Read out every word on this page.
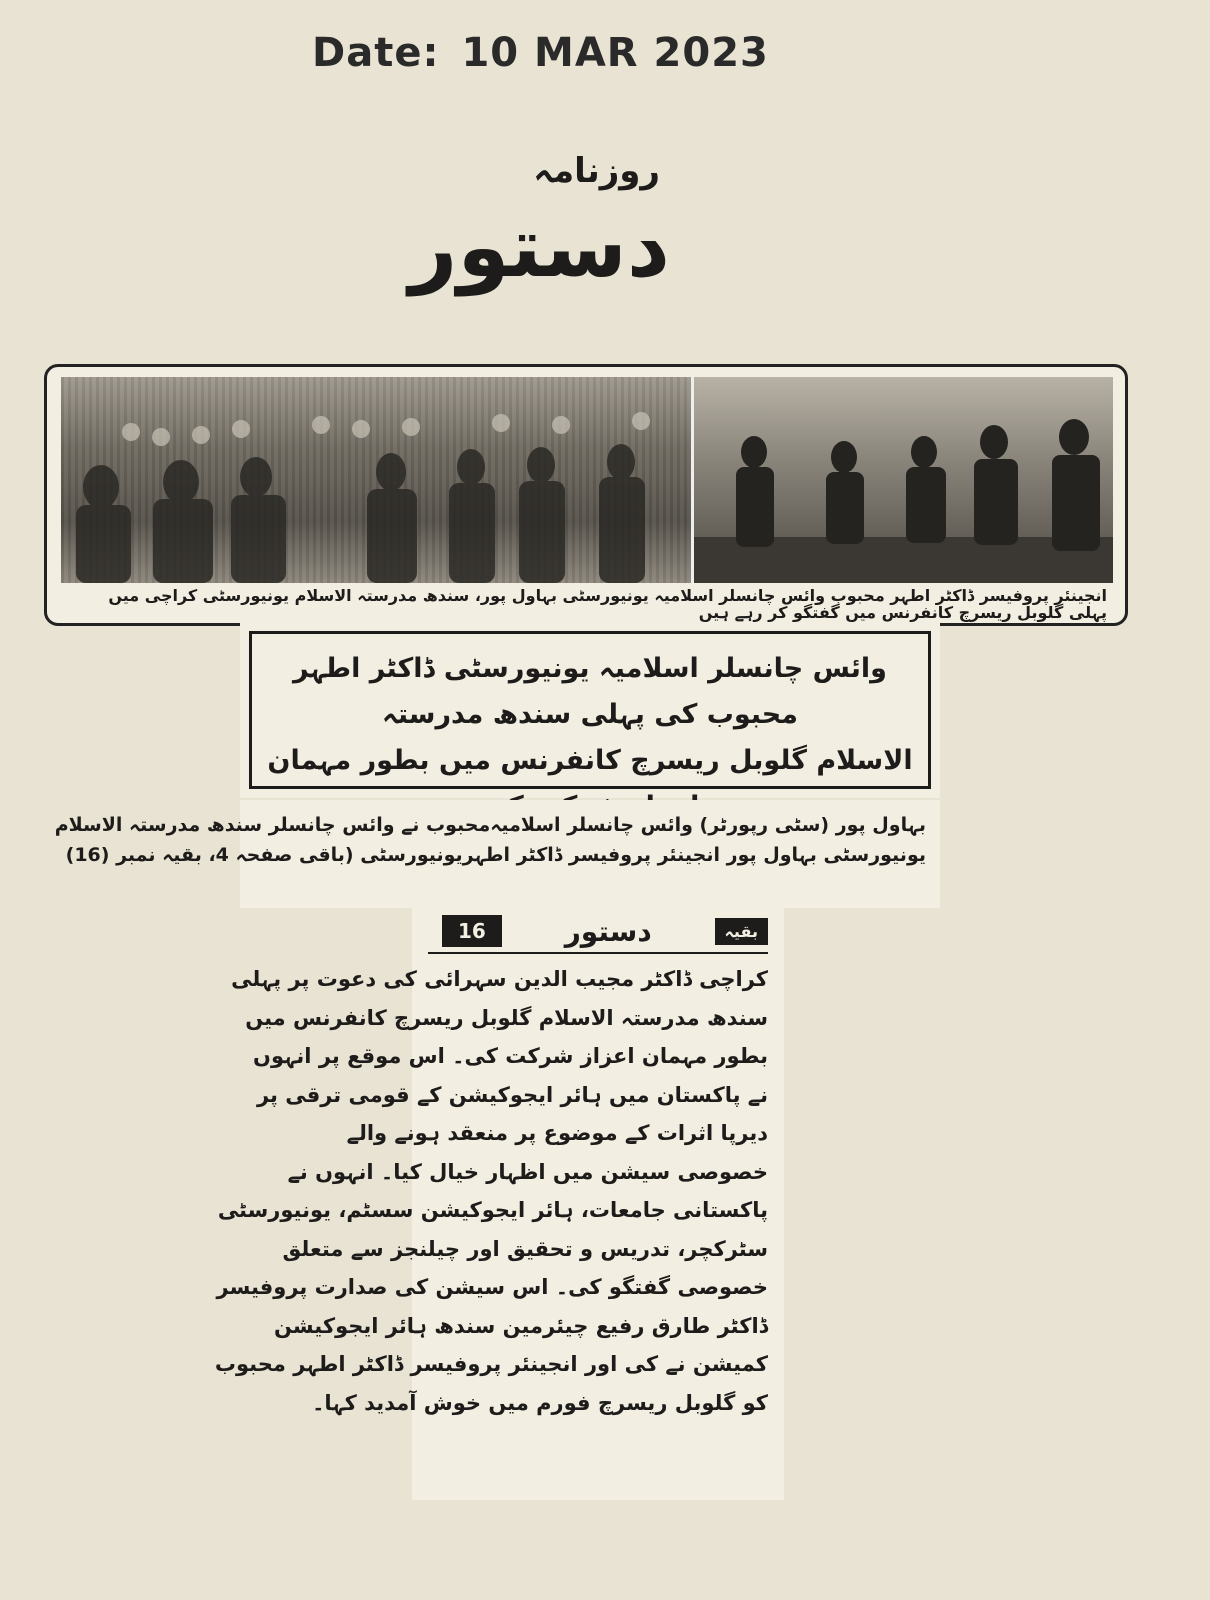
Date: 10 MAR 2023
روزنامہ
دستور
انجینئر پروفیسر ڈاکٹر اطہر محبوب وائس چانسلر اسلامیہ یونیورسٹی بہاول پور، سندھ مدرستہ الاسلام یونیورسٹی کراچی میں پہلی گلوبل ریسرچ کانفرنس میں گفتگو کر رہے ہیں
وائس چانسلر اسلامیہ یونیورسٹی ڈاکٹر اطہر محبوب کی پہلی سندھ مدرستہ
الاسلام گلوبل ریسرچ کانفرنس میں بطور مہمان
بہاول پور (سٹی رپورٹر) وائس چانسلر اسلامیہ
محبوب نے وائس چانسلر سندھ مدرستہ الاسلام
یونیورسٹی بہاول پور انجینئر پروفیسر ڈاکٹر اطہر
یونیورسٹی (باقی صفحہ 4، بقیہ نمبر (16)
16	دستور	بقیہ
کراچی ڈاکٹر مجیب الدین سہرائی کی دعوت پر پہلی
سندھ مدرستہ الاسلام گلوبل ریسرچ کانفرنس میں
بطور مہمان اعزاز شرکت کی۔ اس موقع پر انہوں
نے پاکستان میں ہائر ایجوکیشن کے قومی ترقی پر
دیرپا اثرات کے موضوع پر منعقد ہونے والے
خصوصی سیشن میں اظہار خیال کیا۔ انہوں نے
پاکستانی جامعات، ہائر ایجوکیشن سسٹم، یونیورسٹی
سٹرکچر، تدریس و تحقیق اور چیلنجز سے متعلق
خصوصی گفتگو کی۔ اس سیشن کی صدارت پروفیسر
ڈاکٹر طارق رفیع چیئرمین سندھ ہائر ایجوکیشن
کمیشن نے کی اور انجینئر پروفیسر ڈاکٹر اطہر محبوب
کو گلوبل ریسرچ فورم میں خوش آمدید کہا۔
